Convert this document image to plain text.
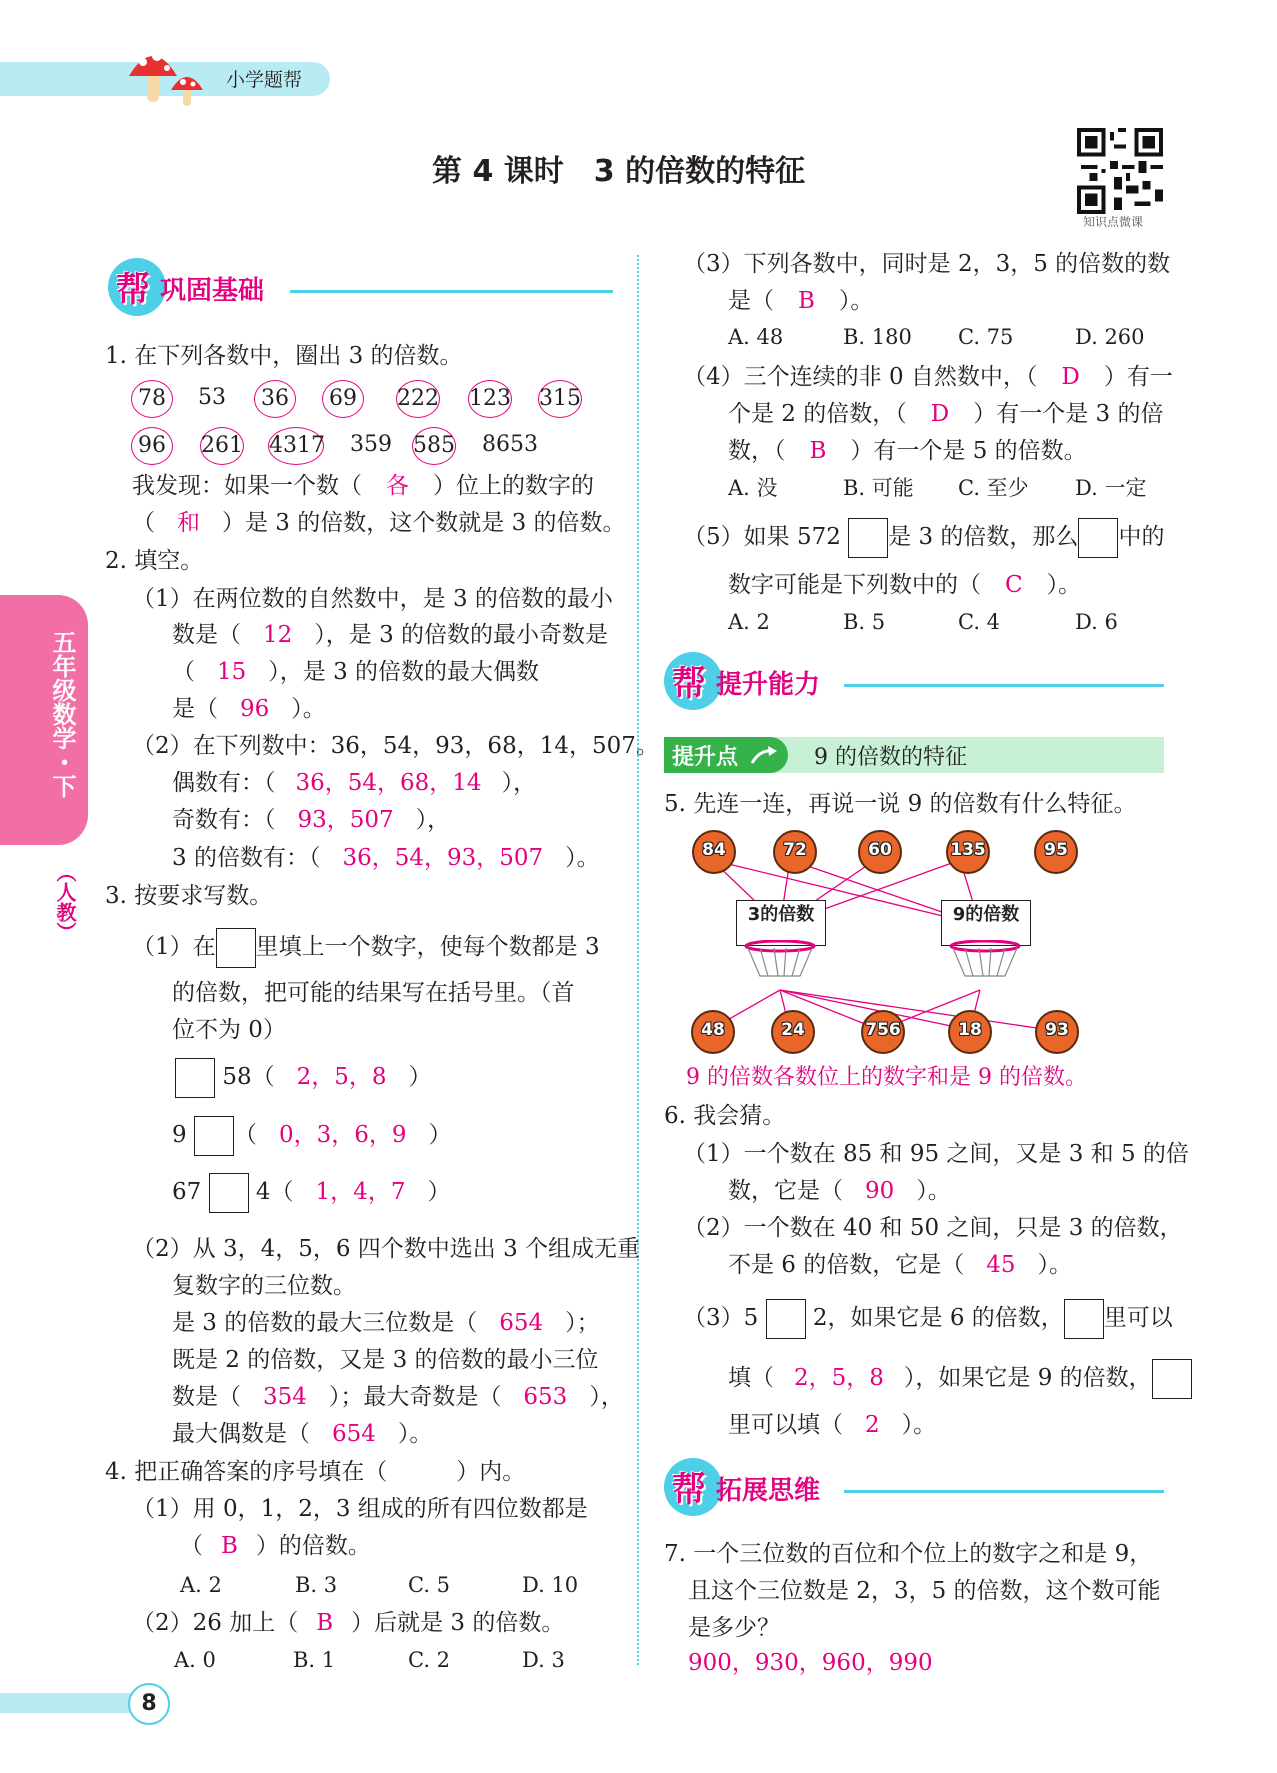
小学题帮
第 4 课时　3 的倍数的特征
知识点微课
五年级数学・下
（人教）
帮 巩固基础
1. 在下列各数中，圈出 3 的倍数。
78	53	36	69	222 123 315
96	261 4317 359 585 8653
我发现：如果一个数（ 各 ）位上的数字的
（ 和 ）是 3 的倍数，这个数就是 3 的倍数。
2. 填空。
（1）在两位数的自然数中，是 3 的倍数的最小
数是（ 12 ），是 3 的倍数的最小奇数是
（ 15 ），是 3 的倍数的最大偶数
是（ 96 ）。
（2）在下列数中：36，54，93，68，14，507。
偶数有：（ 36，54，68，14 ），
奇数有：（ 93，507 ），
3 的倍数有：（ 36，54，93，507 ）。
3. 按要求写数。
（1）在 里填上一个数字，使每个数都是 3
的倍数，把可能的结果写在括号里。（首
位不为 0）
58（ 2，5，8 ）
9 （ 0，3，6，9 ）
67 4（ 1，4，7 ）
（2）从 3，4，5，6 四个数中选出 3 个组成无重
复数字的三位数。
是 3 的倍数的最大三位数是（ 654 ）；
既是 2 的倍数，又是 3 的倍数的最小三位
数是（ 354 ）；最大奇数是（ 653 ），
最大偶数是（ 654 ）。
4. 把正确答案的序号填在（　　　）内。
（1）用 0，1，2，3 组成的所有四位数都是
（ B ）的倍数。
A. 2	B. 3	C. 5	D. 10
（2）26 加上（ B ）后就是 3 的倍数。
A. 0	B. 1	C. 2	D. 3
8
（3）下列各数中，同时是 2，3，5 的倍数的数
是（ B ）。
A. 48	B. 180 C. 75	D. 260
（4）三个连续的非 0 自然数中，（ D ）有一
个是 2 的倍数，（ D ）有一个是 3 的倍
数，（ B ）有一个是 5 的倍数。
A. 没	B. 可能 C. 至少 D. 一定
（5）如果 572 是 3 的倍数，那么 中的
数字可能是下列数中的（ C ）。
A. 2	B. 5	C. 4	D. 6
帮 提升能力
提升点	9 的倍数的特征
5. 先连一连，再说一说 9 的倍数有什么特征。
84	72	60	135	95
48	24	756	18	93
3的倍数	9的倍数
9 的倍数各数位上的数字和是 9 的倍数。
6. 我会猜。
（1）一个数在 85 和 95 之间，又是 3 和 5 的倍
数，它是（ 90 ）。
（2）一个数在 40 和 50 之间，只是 3 的倍数，
不是 6 的倍数，它是（ 45 ）。
（3）5 2，如果它是 6 的倍数， 里可以
填（ 2，5，8 ），如果它是 9 的倍数，
里可以填（ 2 ）。
帮 拓展思维
7. 一个三位数的百位和个位上的数字之和是 9，
且这个三位数是 2，3，5 的倍数，这个数可能
是多少？
900，930，960，990
